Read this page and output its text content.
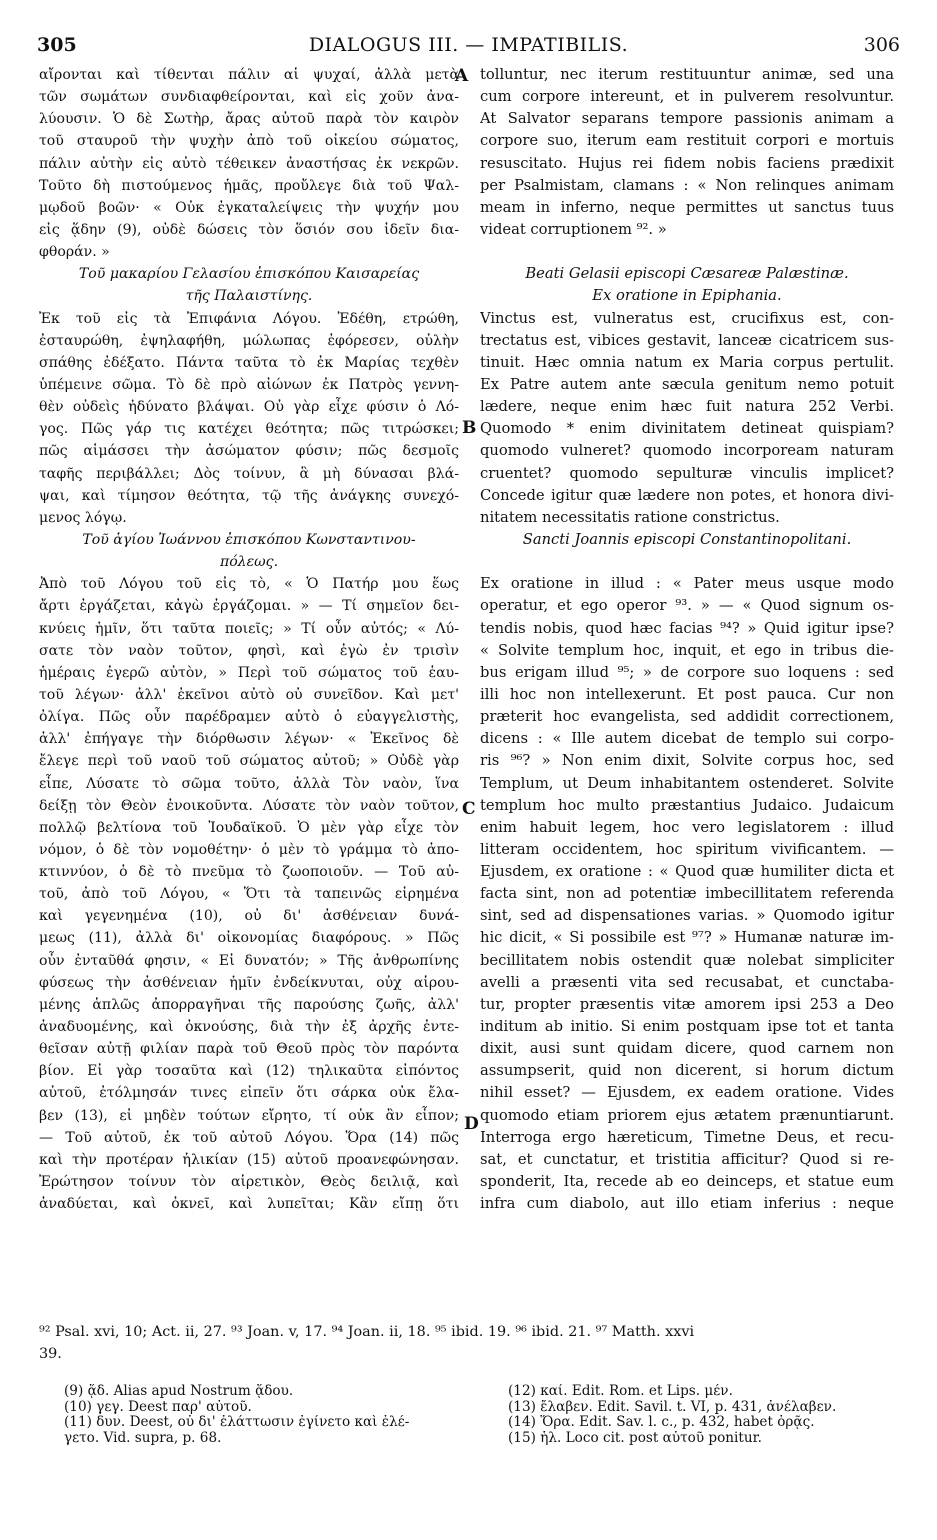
305	DIALOGUS III. — IMPATIBILIS.	306
αἴρονται καὶ τίθενται πάλιν αἱ ψυχαί, ἀλλὰ μετὰ
τῶν σωμάτων συνδιαφθείρονται, καὶ εἰς χοῦν ἀνα-
λύουσιν. Ὁ δὲ Σωτὴρ, ἄρας αὐτοῦ παρὰ τὸν καιρὸν
τοῦ σταυροῦ τὴν ψυχὴν ἀπὸ τοῦ οἰκείου σώματος,
πάλιν αὐτὴν εἰς αὐτὸ τέθεικεν ἀναστήσας ἐκ νεκρῶν.
Τοῦτο δὴ πιστούμενος ἡμᾶς, προὔλεγε διὰ τοῦ Ψαλ-
μῳδοῦ βοῶν· « Οὐκ ἐγκαταλείψεις τὴν ψυχήν μου
εἰς ᾅδην (9), οὐδὲ δώσεις τὸν ὅσιόν σου ἰδεῖν δια-
φθοράν. »
Τοῦ μακαρίου Γελασίου ἐπισκόπου Καισαρείας
τῆς Παλαιστίνης.
Ἐκ τοῦ εἰς τὰ Ἐπιφάνια Λόγου. Ἐδέθη, ετρώθη,
ἐσταυρώθη, ἐψηλαφήθη, μώλωπας ἐφόρεσεν, οὐλὴν
σπάθης ἐδέξατο. Πάντα ταῦτα τὸ ἐκ Μαρίας τεχθὲν
ὑπέμεινε σῶμα. Τὸ δὲ πρὸ αἰώνων ἐκ Πατρὸς γεννη-
θὲν οὐδεὶς ἠδύνατο βλάψαι. Οὐ γὰρ εἶχε φύσιν ὁ Λό-
γος. Πῶς γάρ τις κατέχει θεότητα; πῶς τιτρώσκει;
πῶς αἱμάσσει τὴν ἀσώματον φύσιν; πῶς δεσμοῖς
ταφῆς περιβάλλει; Δὸς τοίνυν, ἃ μὴ δύνασαι βλά-
ψαι, καὶ τίμησον θεότητα, τῷ τῆς ἀνάγκης συνεχό-
μενος λόγῳ.
Τοῦ ἁγίου Ἰωάννου ἐπισκόπου Κωνσταντινου-
πόλεως.
Ἀπὸ τοῦ Λόγου τοῦ εἰς τὸ, « Ὁ Πατήρ μου ἕως
ἄρτι ἐργάζεται, κἀγὼ ἐργάζομαι. » — Τί σημεῖον δει-
κνύεις ἡμῖν, ὅτι ταῦτα ποιεῖς; » Τί οὖν αὐτός; « Λύ-
σατε τὸν ναὸν τοῦτον, φησὶ, καὶ ἐγὼ ἐν τρισὶν
ἡμέραις ἐγερῶ αὐτὸν, » Περὶ τοῦ σώματος τοῦ ἑαυ-
τοῦ λέγων· ἀλλ' ἐκεῖνοι αὐτὸ οὐ συνεῖδον. Καὶ μετ'
ὀλίγα. Πῶς οὖν παρέδραμεν αὐτὸ ὁ εὐαγγελιστὴς,
ἀλλ' ἐπήγαγε τὴν διόρθωσιν λέγων· « Ἐκεῖνος δὲ
ἔλεγε περὶ τοῦ ναοῦ τοῦ σώματος αὐτοῦ; » Οὐδὲ γὰρ
εἶπε, Λύσατε τὸ σῶμα τοῦτο, ἀλλὰ Τὸν ναὸν, ἵνα
δείξῃ τὸν Θεὸν ἐνοικοῦντα. Λύσατε τὸν ναὸν τοῦτον,
πολλῷ βελτίονα τοῦ Ἰουδαϊκοῦ. Ὁ μὲν γὰρ εἶχε τὸν
νόμον, ὁ δὲ τὸν νομοθέτην· ὁ μὲν τὸ γράμμα τὸ ἀπο-
κτιννύον, ὁ δὲ τὸ πνεῦμα τὸ ζωοποιοῦν. — Τοῦ αὐ-
τοῦ, ἀπὸ τοῦ Λόγου, « Ὅτι τὰ ταπεινῶς εἰρημένα
καὶ γεγενημένα (10), οὐ δι' ἀσθένειαν δυνά-
μεως (11), ἀλλὰ δι' οἰκονομίας διαφόρους. » Πῶς
οὖν ἐνταῦθά φησιν, « Εἰ δυνατόν; » Τῆς ἀνθρωπίνης
φύσεως τὴν ἀσθένειαν ἡμῖν ἐνδείκνυται, οὐχ αἱρου-
μένης ἁπλῶς ἀπορραγῆναι τῆς παρούσης ζωῆς, ἀλλ'
ἀναδυομένης, καὶ ὀκνούσης, διὰ τὴν ἐξ ἀρχῆς ἐντε-
θεῖσαν αὐτῇ φιλίαν παρὰ τοῦ Θεοῦ πρὸς τὸν παρόντα
βίον. Εἰ γὰρ τοσαῦτα καὶ (12) τηλικαῦτα εἰπόντος
αὐτοῦ, ἐτόλμησάν τινες εἰπεῖν ὅτι σάρκα οὐκ ἔλα-
βεν (13), εἰ μηδὲν τούτων εἴρητο, τί οὐκ ἂν εἶπον;
— Τοῦ αὐτοῦ, ἐκ τοῦ αὐτοῦ Λόγου. Ὅρα (14) πῶς
καὶ τὴν προτέραν ἡλικίαν (15) αὐτοῦ προανεφώνησαν.
Ἐρώτησον τοίνυν τὸν αἱρετικὸν, Θεὸς δειλιᾷ, καὶ
ἀναδύεται, καὶ ὀκνεῖ, καὶ λυπεῖται; Κἂν εἴπῃ ὅτι
tolluntur, nec iterum restituuntur animæ, sed una
cum corpore intereunt, et in pulverem resolvuntur.
At Salvator separans tempore passionis animam a
corpore suo, iterum eam restituit corpori e mortuis
resuscitato. Hujus rei fidem nobis faciens prædixit
per Psalmistam, clamans : « Non relinques animam
meam in inferno, neque permittes ut sanctus tuus
videat corruptionem ⁹². »
Beati Gelasii episcopi Cæsareæ Palæstinæ.
Ex oratione in Epiphania.
Vinctus est, vulneratus est, crucifixus est, con-
trectatus est, vibices gestavit, lanceæ cicatricem sus-
tinuit. Hæc omnia natum ex Maria corpus pertulit.
Ex Patre autem ante sæcula genitum nemo potuit
lædere, neque enim hæc fuit natura 252 Verbi.
Quomodo * enim divinitatem detineat quispiam?
quomodo vulneret? quomodo incorpoream naturam
cruentet? quomodo sepulturæ vinculis implicet?
Concede igitur quæ lædere non potes, et honora divi-
nitatem necessitatis ratione constrictus.
Sancti Joannis episcopi Constantinopolitani.
Ex oratione in illud : « Pater meus usque modo
operatur, et ego operor ⁹³. » — « Quod signum os-
tendis nobis, quod hæc facias ⁹⁴? » Quid igitur ipse?
« Solvite templum hoc, inquit, et ego in tribus die-
bus erigam illud ⁹⁵; » de corpore suo loquens : sed
illi hoc non intellexerunt. Et post pauca. Cur non
præterit hoc evangelista, sed addidit correctionem,
dicens : « Ille autem dicebat de templo sui corpo-
ris ⁹⁶? » Non enim dixit, Solvite corpus hoc, sed
Templum, ut Deum inhabitantem ostenderet. Solvite
templum hoc multo præstantius Judaico. Judaicum
enim habuit legem, hoc vero legislatorem : illud
litteram occidentem, hoc spiritum vivificantem. —
Ejusdem, ex oratione : « Quod quæ humiliter dicta et
facta sint, non ad potentiæ imbecillitatem referenda
sint, sed ad dispensationes varias. » Quomodo igitur
hic dicit, « Si possibile est ⁹⁷? » Humanæ naturæ im-
becillitatem nobis ostendit quæ nolebat simpliciter
avelli a præsenti vita sed recusabat, et cunctaba-
tur, propter præsentis vitæ amorem ipsi 253 a Deo
inditum ab initio. Si enim postquam ipse tot et tanta
dixit, ausi sunt quidam dicere, quod carnem non
assumpserit, quid non dicerent, si horum dictum
nihil esset? — Ejusdem, ex eadem oratione. Vides
quomodo etiam priorem ejus ætatem prænuntiarunt.
Interroga ergo hæreticum, Timetne Deus, et recu-
sat, et cunctatur, et tristitia afficitur? Quod si re-
sponderit, Ita, recede ab eo deinceps, et statue eum
infra cum diabolo, aut illo etiam inferius : neque
A
B
C
D
⁹² Psal. xvi, 10; Act. ii, 27. ⁹³ Joan. v, 17. ⁹⁴ Joan. ii, 18. ⁹⁵ ibid. 19. ⁹⁶ ibid. 21. ⁹⁷ Matth. xxvi
39.
(9) ᾅδ. Alias apud Nostrum ᾅδου.
(10) γεγ. Deest παρ' αὐτοῦ.
(11) δυν. Deest, οὐ δι' ἐλάττωσιν ἐγίνετο καὶ ἐλέ-
γετο. Vid. supra, p. 68.
(12) καί. Edit. Rom. et Lips. μέν.
(13) ἔλαβεν. Edit. Savil. t. VI, p. 431, ἀνέλαβεν.
(14) Ὅρα. Edit. Sav. l. c., p. 432, habet ὁρᾷς.
(15) ἡλ. Loco cit. post αὐτοῦ ponitur.
